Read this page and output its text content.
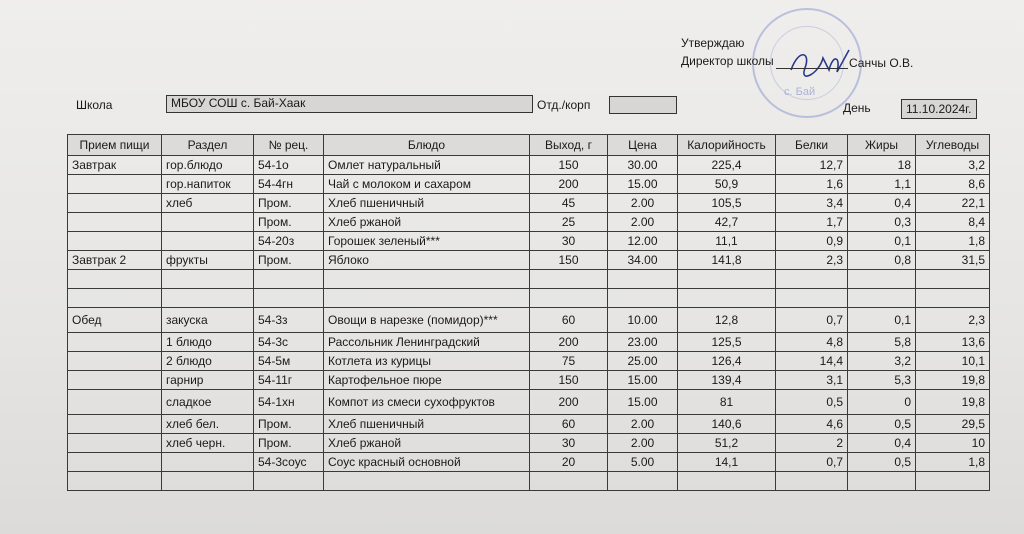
с. Бай
Утверждаю
Директор школы	Санчы О.В.
Школа	МБОУ СОШ с. Бай-Хаак	Отд./корп	День	11.10.2024г.
Прием пищи	Раздел	№ рец.	Блюдо	Выход, г	Цена	Калорийность	Белки	Жиры	Углеводы
Завтрак	гор.блюдо	54-1о	Омлет натуральный	150	30.00	225,4	12,7	18	3,2
	гор.напиток	54-4гн	Чай с молоком и сахаром	200	15.00	50,9	1,6	1,1	8,6
	хлеб	Пром.	Хлеб пшеничный	45	2.00	105,5	3,4	0,4	22,1
		Пром.	Хлеб ржаной	25	2.00	42,7	1,7	0,3	8,4
		54-20з	Горошек зеленый***	30	12.00	11,1	0,9	0,1	1,8
Завтрак 2	фрукты	Пром.	Яблоко	150	34.00	141,8	2,3	0,8	31,5

Обед	закуска	54-3з	Овощи в нарезке (помидор)***	60	10.00	12,8	0,7	0,1	2,3
	1 блюдо	54-3с	Рассольник Ленинградский	200	23.00	125,5	4,8	5,8	13,6
	2 блюдо	54-5м	Котлета из курицы	75	25.00	126,4	14,4	3,2	10,1
	гарнир	54-11г	Картофельное пюре	150	15.00	139,4	3,1	5,3	19,8
	сладкое	54-1хн	Компот из смеси сухофруктов	200	15.00	81	0,5	0	19,8
	хлеб бел.	Пром.	Хлеб пшеничный	60	2.00	140,6	4,6	0,5	29,5
	хлеб черн.	Пром.	Хлеб ржаной	30	2.00	51,2	2	0,4	10
		54-3соус	Соус красный основной	20	5.00	14,1	0,7	0,5	1,8
